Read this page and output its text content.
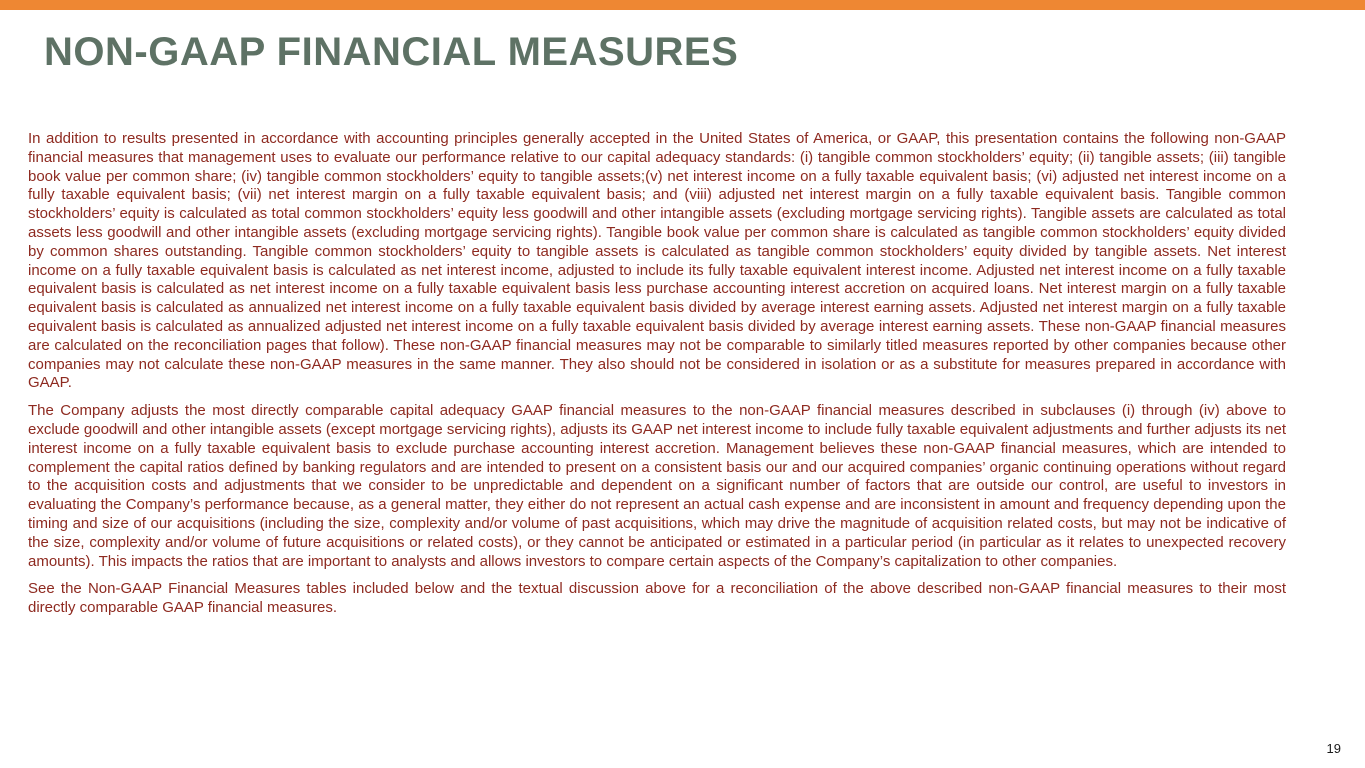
NON-GAAP FINANCIAL MEASURES

In addition to results presented in accordance with accounting principles generally accepted in the United States of America, or GAAP, this presentation contains the following non-GAAP financial measures that management uses to evaluate our performance relative to our capital adequacy standards: (i) tangible common stockholders’ equity; (ii) tangible assets; (iii) tangible book value per common share; (iv) tangible common stockholders’ equity to tangible assets;(v) net interest income on a fully taxable equivalent basis; (vi) adjusted net interest income on a fully taxable equivalent basis; (vii) net interest margin on a fully taxable equivalent basis; and (viii) adjusted net interest margin on a fully taxable equivalent basis. Tangible common stockholders’ equity is calculated as total common stockholders’ equity less goodwill and other intangible assets (excluding mortgage servicing rights). Tangible assets are calculated as total assets less goodwill and other intangible assets (excluding mortgage servicing rights). Tangible book value per common share is calculated as tangible common stockholders’ equity divided by common shares outstanding. Tangible common stockholders’ equity to tangible assets is calculated as tangible common stockholders’ equity divided by tangible assets. Net interest income on a fully taxable equivalent basis is calculated as net interest income, adjusted to include its fully taxable equivalent interest income. Adjusted net interest income on a fully taxable equivalent basis is calculated as net interest income on a fully taxable equivalent basis less purchase accounting interest accretion on acquired loans. Net interest margin on a fully taxable equivalent basis is calculated as annualized net interest income on a fully taxable equivalent basis divided by average interest earning assets. Adjusted net interest margin on a fully taxable equivalent basis is calculated as annualized adjusted net interest income on a fully taxable equivalent basis divided by average interest earning assets. These non-GAAP financial measures are calculated on the reconciliation pages that follow). These non-GAAP financial measures may not be comparable to similarly titled measures reported by other companies because other companies may not calculate these non-GAAP measures in the same manner. They also should not be considered in isolation or as a substitute for measures prepared in accordance with GAAP.

The Company adjusts the most directly comparable capital adequacy GAAP financial measures to the non-GAAP financial measures described in subclauses (i) through (iv) above to exclude goodwill and other intangible assets (except mortgage servicing rights), adjusts its GAAP net interest income to include fully taxable equivalent adjustments and further adjusts its net interest income on a fully taxable equivalent basis to exclude purchase accounting interest accretion. Management believes these non-GAAP financial measures, which are intended to complement the capital ratios defined by banking regulators and are intended to present on a consistent basis our and our acquired companies’ organic continuing operations without regard to the acquisition costs and adjustments that we consider to be unpredictable and dependent on a significant number of factors that are outside our control, are useful to investors in evaluating the Company’s performance because, as a general matter, they either do not represent an actual cash expense and are inconsistent in amount and frequency depending upon the timing and size of our acquisitions (including the size, complexity and/or volume of past acquisitions, which may drive the magnitude of acquisition related costs, but may not be indicative of the size, complexity and/or volume of future acquisitions or related costs), or they cannot be anticipated or estimated in a particular period (in particular as it relates to unexpected recovery amounts). This impacts the ratios that are important to analysts and allows investors to compare certain aspects of the Company’s capitalization to other companies.

See the Non-GAAP Financial Measures tables included below and the textual discussion above for a reconciliation of the above described non-GAAP financial measures to their most directly comparable GAAP financial measures.

19
